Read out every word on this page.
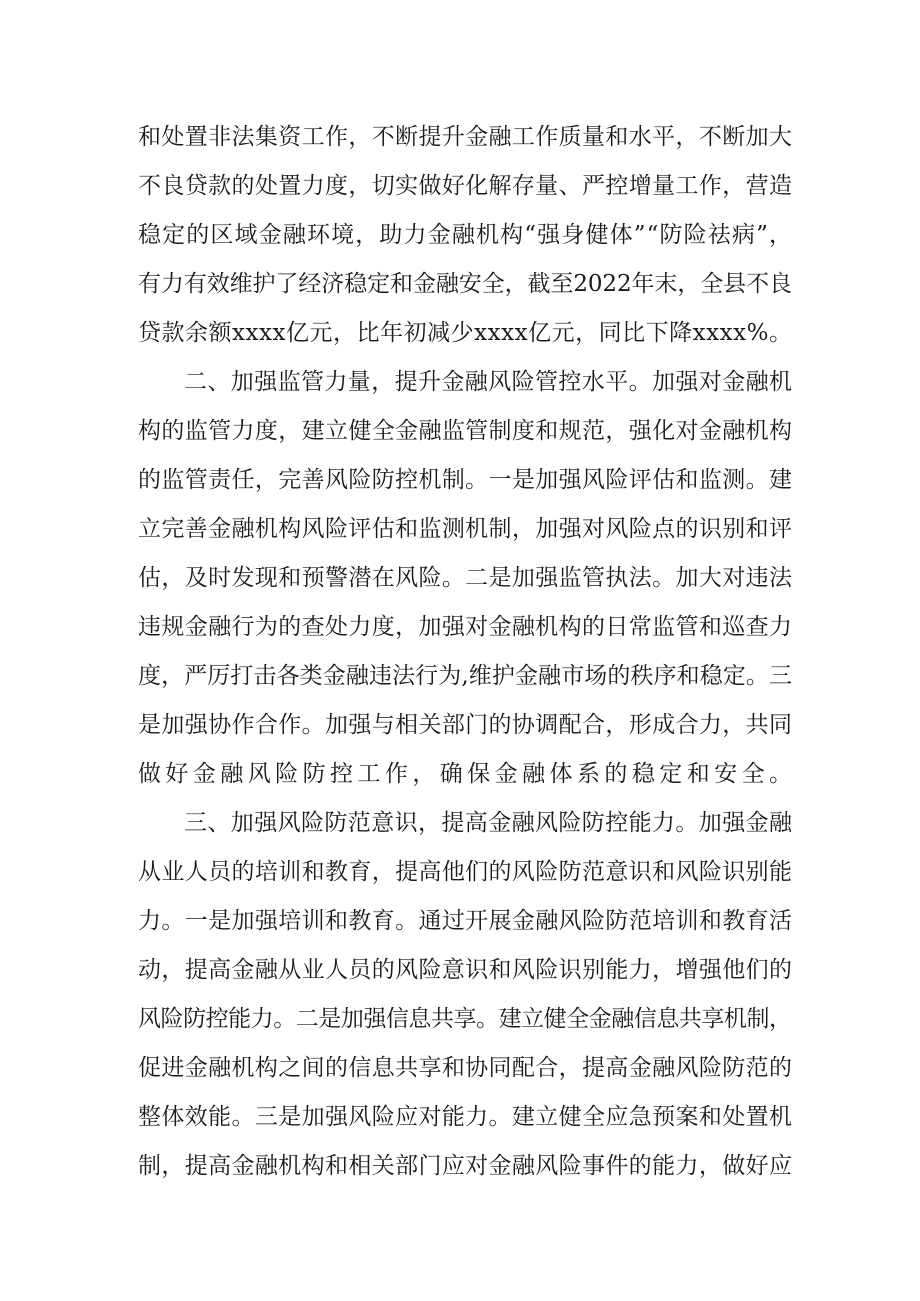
和处置非法集资工作，不断提升金融工作质量和水平，不断加大
不良贷款的处置力度，切实做好化解存量、严控增量工作，营造
稳定的区域金融环境，助力金融机构“强身健体”“防险祛病”，
有力有效维护了经济稳定和金融安全，截至2022年末，全县不良
贷款余额xxxx亿元，比年初减少xxxx亿元，同比下降xxxx%。
二、加强监管力量，提升金融风险管控水平。加强对金融机
构的监管力度，建立健全金融监管制度和规范，强化对金融机构
的监管责任，完善风险防控机制。一是加强风险评估和监测。建
立完善金融机构风险评估和监测机制，加强对风险点的识别和评
估，及时发现和预警潜在风险。二是加强监管执法。加大对违法
违规金融行为的查处力度，加强对金融机构的日常监管和巡查力
度，严厉打击各类金融违法行为,维护金融市场的秩序和稳定。三
是加强协作合作。加强与相关部门的协调配合，形成合力，共同
做好金融风险防控工作，确保金融体系的稳定和安全。
三、加强风险防范意识，提高金融风险防控能力。加强金融
从业人员的培训和教育，提高他们的风险防范意识和风险识别能
力。一是加强培训和教育。通过开展金融风险防范培训和教育活
动，提高金融从业人员的风险意识和风险识别能力，增强他们的
风险防控能力。二是加强信息共享。建立健全金融信息共享机制，
促进金融机构之间的信息共享和协同配合，提高金融风险防范的
整体效能。三是加强风险应对能力。建立健全应急预案和处置机
制，提高金融机构和相关部门应对金融风险事件的能力，做好应
